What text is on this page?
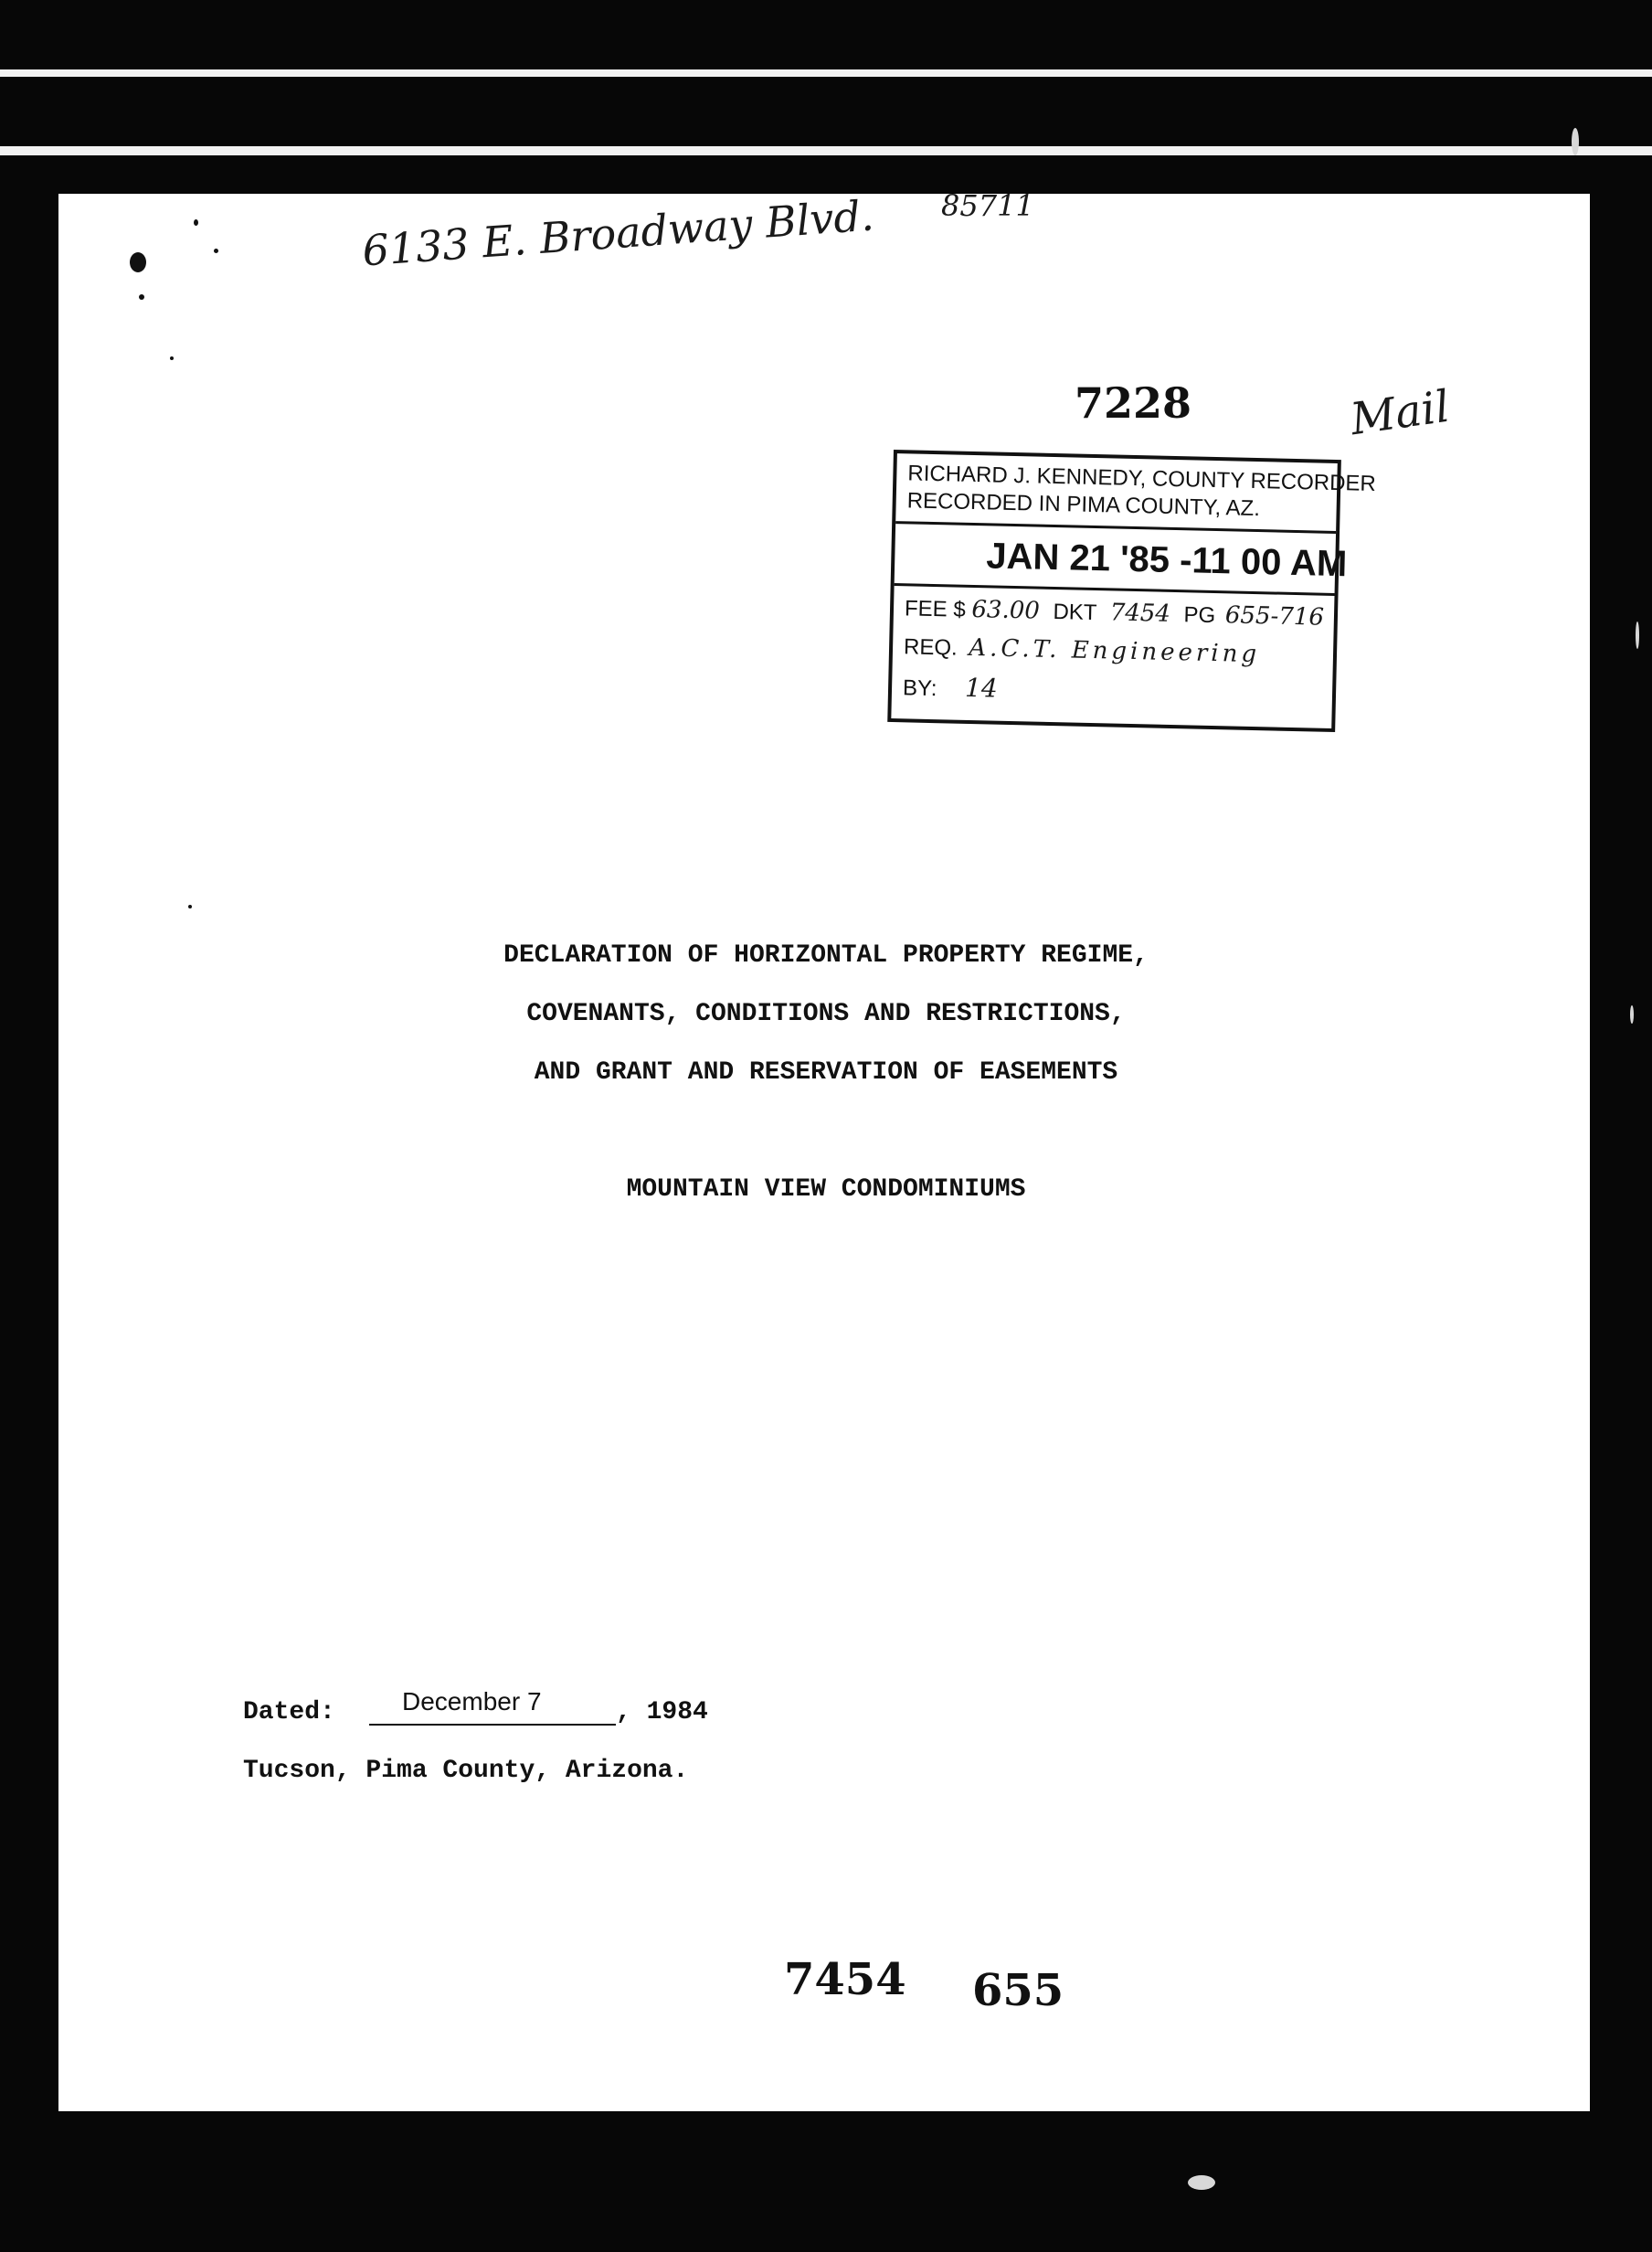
6133 E. Broadway Blvd. 85711
Mail
7228
RICHARD J. KENNEDY, COUNTY RECORDER
RECORDED IN PIMA COUNTY, AZ.
JAN 21 '85 -11 00 AM
FEE $ 63.00 DKT 7454 PG 655-716
REQ. A.C.T. Engineering
BY: 14
DECLARATION OF HORIZONTAL PROPERTY REGIME,
COVENANTS, CONDITIONS AND RESTRICTIONS,
AND GRANT AND RESERVATION OF EASEMENTS
MOUNTAIN VIEW CONDOMINIUMS
Dated:	December 7	, 1984
Tucson, Pima County, Arizona.
7454 655
